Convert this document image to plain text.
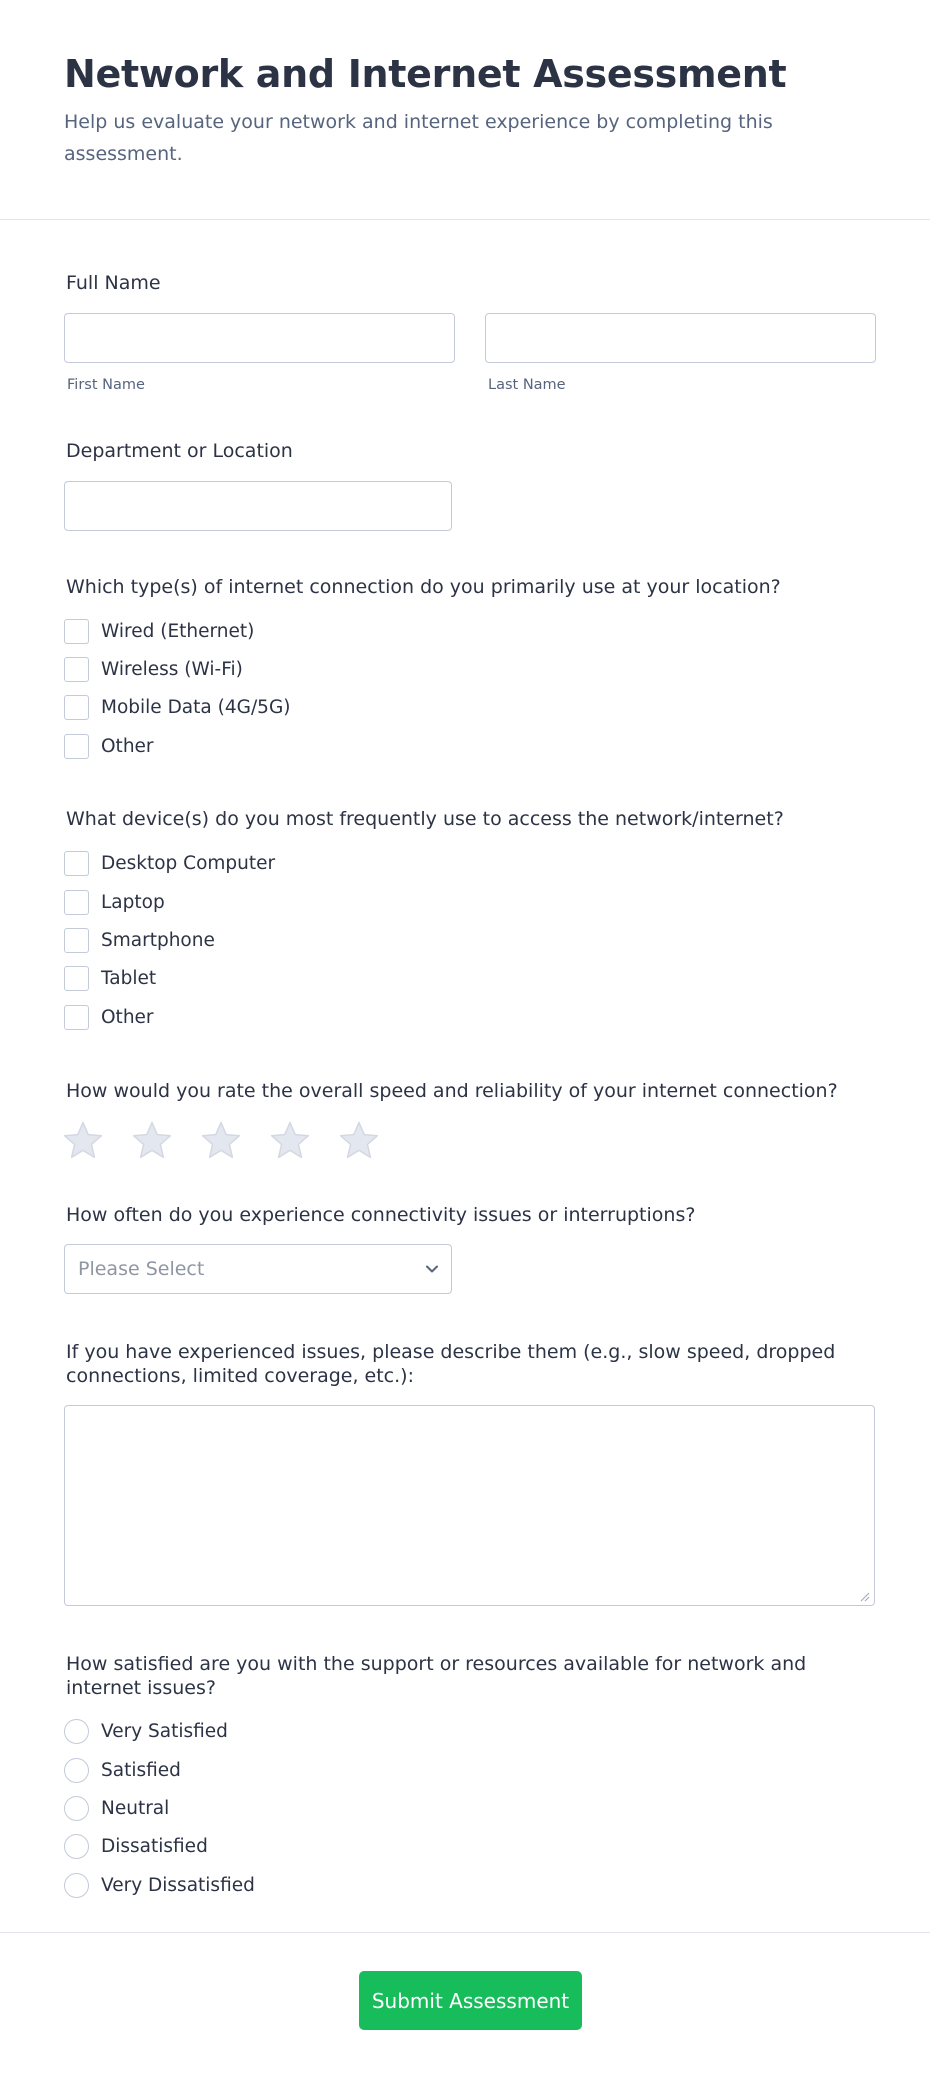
Network and Internet Assessment
Help us evaluate your network and internet experience by completing this assessment.
Full Name
First Name	Last Name
Department or Location
Which type(s) of internet connection do you primarily use at your location?
Wired (Ethernet)
Wireless (Wi-Fi)
Mobile Data (4G/5G)
Other
What device(s) do you most frequently use to access the network/internet?
Desktop Computer
Laptop
Smartphone
Tablet
Other
How would you rate the overall speed and reliability of your internet connection?
How often do you experience connectivity issues or interruptions?
Please Select
If you have experienced issues, please describe them (e.g., slow speed, dropped connections, limited coverage, etc.):
How satisfied are you with the support or resources available for network and internet issues?
Very Satisfied
Satisfied
Neutral
Dissatisfied
Very Dissatisfied
Submit Assessment
